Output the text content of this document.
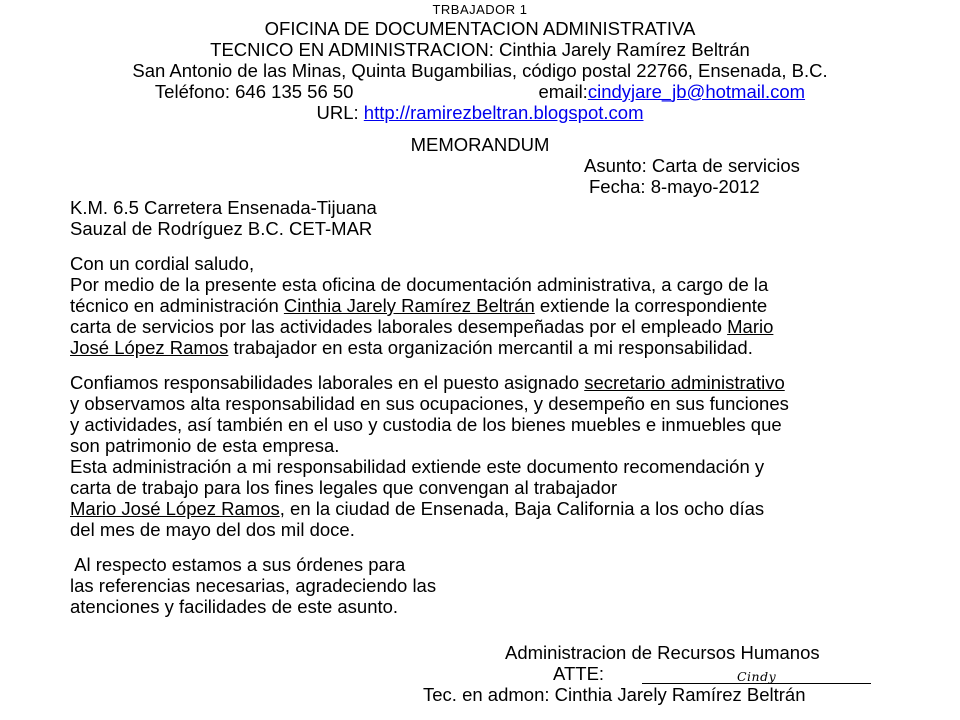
TRBAJADOR 1
OFICINA DE DOCUMENTACION ADMINISTRATIVA
TECNICO EN ADMINISTRACION: Cinthia Jarely Ramírez Beltrán
San Antonio de las Minas, Quinta Bugambilias, código postal 22766, Ensenada, B.C.
Teléfono: 646 135 56 50	email: cindyjare_jb@hotmail.com
URL: http://ramirezbeltran.blogspot.com
MEMORANDUM
Asunto: Carta de servicios
Fecha: 8-mayo-2012
K.M. 6.5 Carretera Ensenada-Tijuana
Sauzal de Rodríguez B.C. CET-MAR
Con un cordial saludo,
Por medio de la presente esta oficina de documentación administrativa, a cargo de la
técnico en administración Cinthia Jarely Ramírez Beltrán extiende la correspondiente
carta de servicios por las actividades laborales desempeñadas por el empleado Mario
José López Ramos trabajador en esta organización mercantil a mi responsabilidad.

Confiamos responsabilidades laborales en el puesto asignado secretario administrativo
y observamos alta responsabilidad en sus ocupaciones, y desempeño en sus funciones
y actividades, así también en el uso y custodia de los bienes muebles e inmuebles que
son patrimonio de esta empresa.
Esta administración a mi responsabilidad extiende este documento recomendación y
carta de trabajo para los fines legales que convengan al trabajador
Mario José López Ramos, en la ciudad de Ensenada, Baja California a los ocho días
del mes de mayo del dos mil doce.

Al respecto estamos a sus órdenes para
las referencias necesarias, agradeciendo las
atenciones y facilidades de este asunto.
Administracion de Recursos Humanos
ATTE:	Cindy
Tec. en admon: Cinthia Jarely Ramírez Beltrán
